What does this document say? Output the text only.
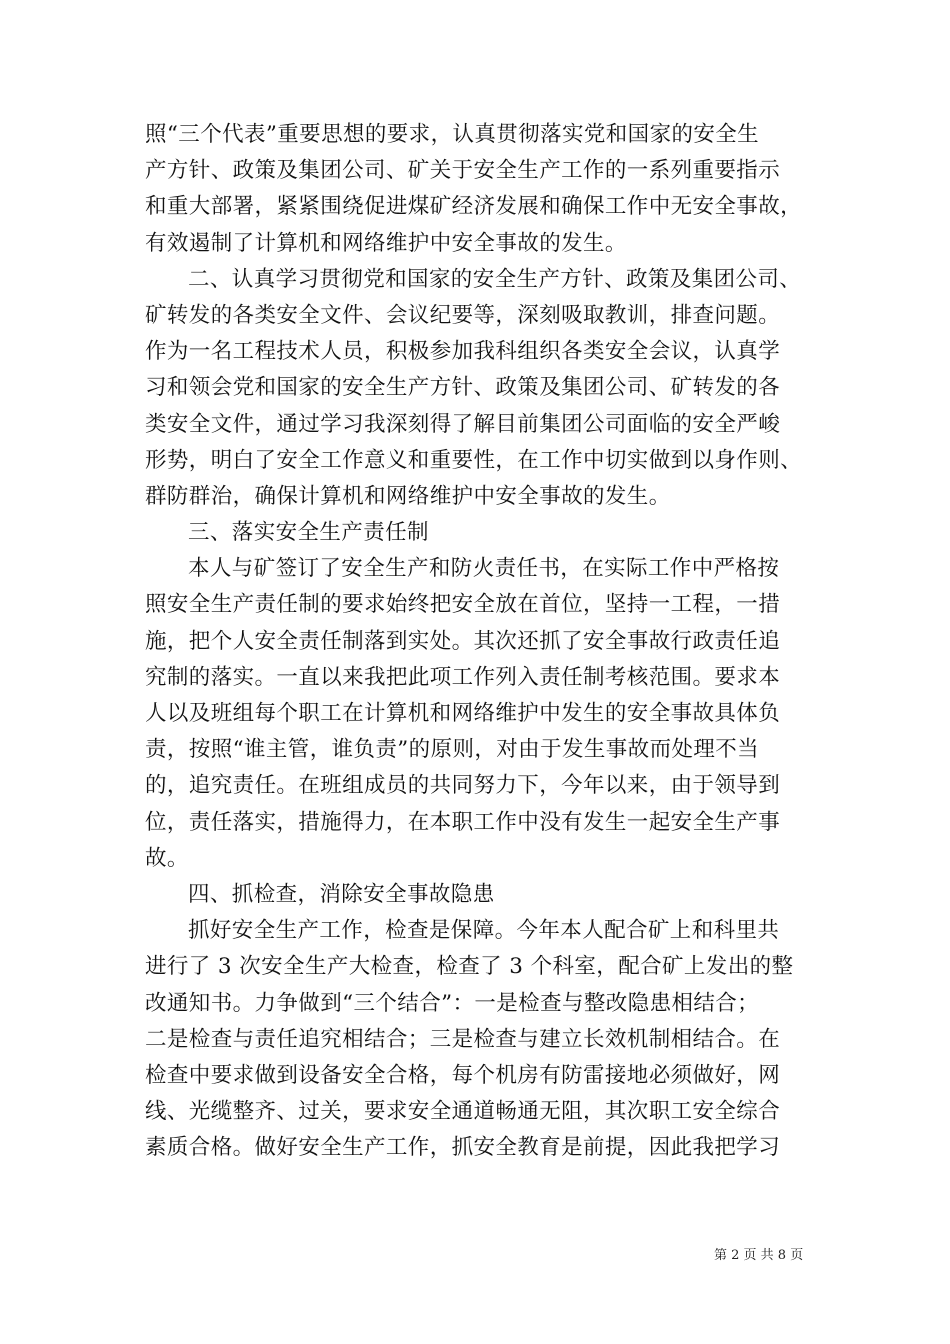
照“三个代表”重要思想的要求，认真贯彻落实党和国家的安全生
产方针、政策及集团公司、矿关于安全生产工作的一系列重要指示
和重大部署，紧紧围绕促进煤矿经济发展和确保工作中无安全事故，
有效遏制了计算机和网络维护中安全事故的发生。
二、认真学习贯彻党和国家的安全生产方针、政策及集团公司、
矿转发的各类安全文件、会议纪要等，深刻吸取教训，排查问题。
作为一名工程技术人员，积极参加我科组织各类安全会议，认真学
习和领会党和国家的安全生产方针、政策及集团公司、矿转发的各
类安全文件，通过学习我深刻得了解目前集团公司面临的安全严峻
形势，明白了安全工作意义和重要性，在工作中切实做到以身作则、
群防群治，确保计算机和网络维护中安全事故的发生。
三、落实安全生产责任制
本人与矿签订了安全生产和防火责任书，在实际工作中严格按
照安全生产责任制的要求始终把安全放在首位，坚持一工程，一措
施，把个人安全责任制落到实处。其次还抓了安全事故行政责任追
究制的落实。一直以来我把此项工作列入责任制考核范围。要求本
人以及班组每个职工在计算机和网络维护中发生的安全事故具体负
责，按照“谁主管，谁负责”的原则，对由于发生事故而处理不当
的，追究责任。在班组成员的共同努力下，今年以来，由于领导到
位，责任落实，措施得力，在本职工作中没有发生一起安全生产事
故。
四、抓检查，消除安全事故隐患
抓好安全生产工作，检查是保障。今年本人配合矿上和科里共
进行了 3 次安全生产大检查，检查了 3 个科室，配合矿上发出的整
改通知书。力争做到“三个结合”：一是检查与整改隐患相结合；
二是检查与责任追究相结合；三是检查与建立长效机制相结合。在
检查中要求做到设备安全合格，每个机房有防雷接地必须做好，网
线、光缆整齐、过关，要求安全通道畅通无阻，其次职工安全综合
素质合格。做好安全生产工作，抓安全教育是前提，因此我把学习
第 2 页 共 8 页
